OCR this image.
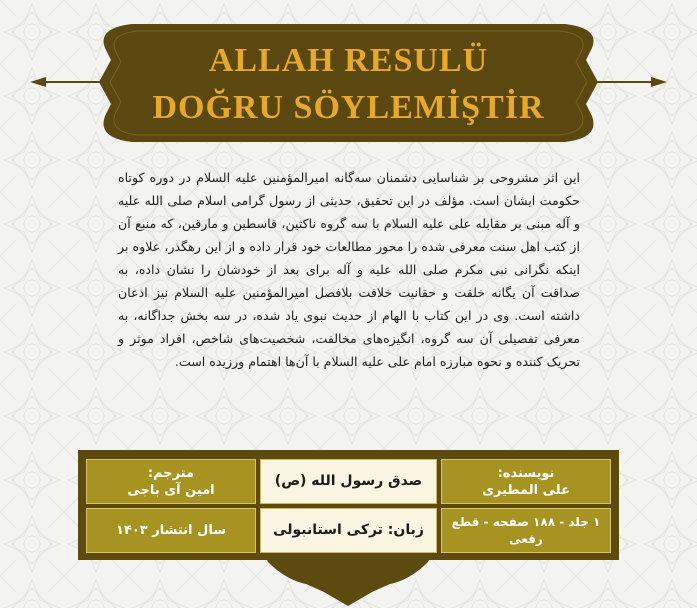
ALLAH RESULÜ
DOĞRU SÖYLEMİŞTİR
این اثر مشروحی بر شناسایی دشمنان سه‌گانه امیرالمؤمنین علیه السلام در دوره کوتاه حکومت ایشان است. مؤلف در این تحقیق، حدیثی از رسول گرامی اسلام صلی الله علیه و آله مبنی بر مقابله علی علیه السلام با سه گروه ناکثین، قاسطین و مارقین، که منبع آن از کتب اهل سنت معرفی شده را محور مطالعات خود قرار داده و از این رهگذر، علاوه بر اینکه نگرانی نبی مکرم صلی الله علیه و آله برای بعد از خودشان را نشان داده، به صداقت آن یگانه خلقت و حقانیت خلافت بلافصل امیرالمؤمنین علیه السلام نیز اذعان داشته است. وی در این کتاب با الهام از حدیث نبوی یاد شده، در سه بخش جداگانه، به معرفی تفصیلی آن سه گروه، انگیزه‌های مخالفت، شخصیت‌های شاخص، افراد موثر و تحریک کننده و نحوه مبارزه امام علی علیه السلام با آن‌ها اهتمام ورزیده است.
نویسنده:
علی المطیری
صدق رسول الله (ص)
مترجم:
امین آی باجی
۱ جلد - ۱۸۸ صفحه - قطع رقعی
زبان: ترکی استانبولی
سال انتشار ۱۴۰۳
